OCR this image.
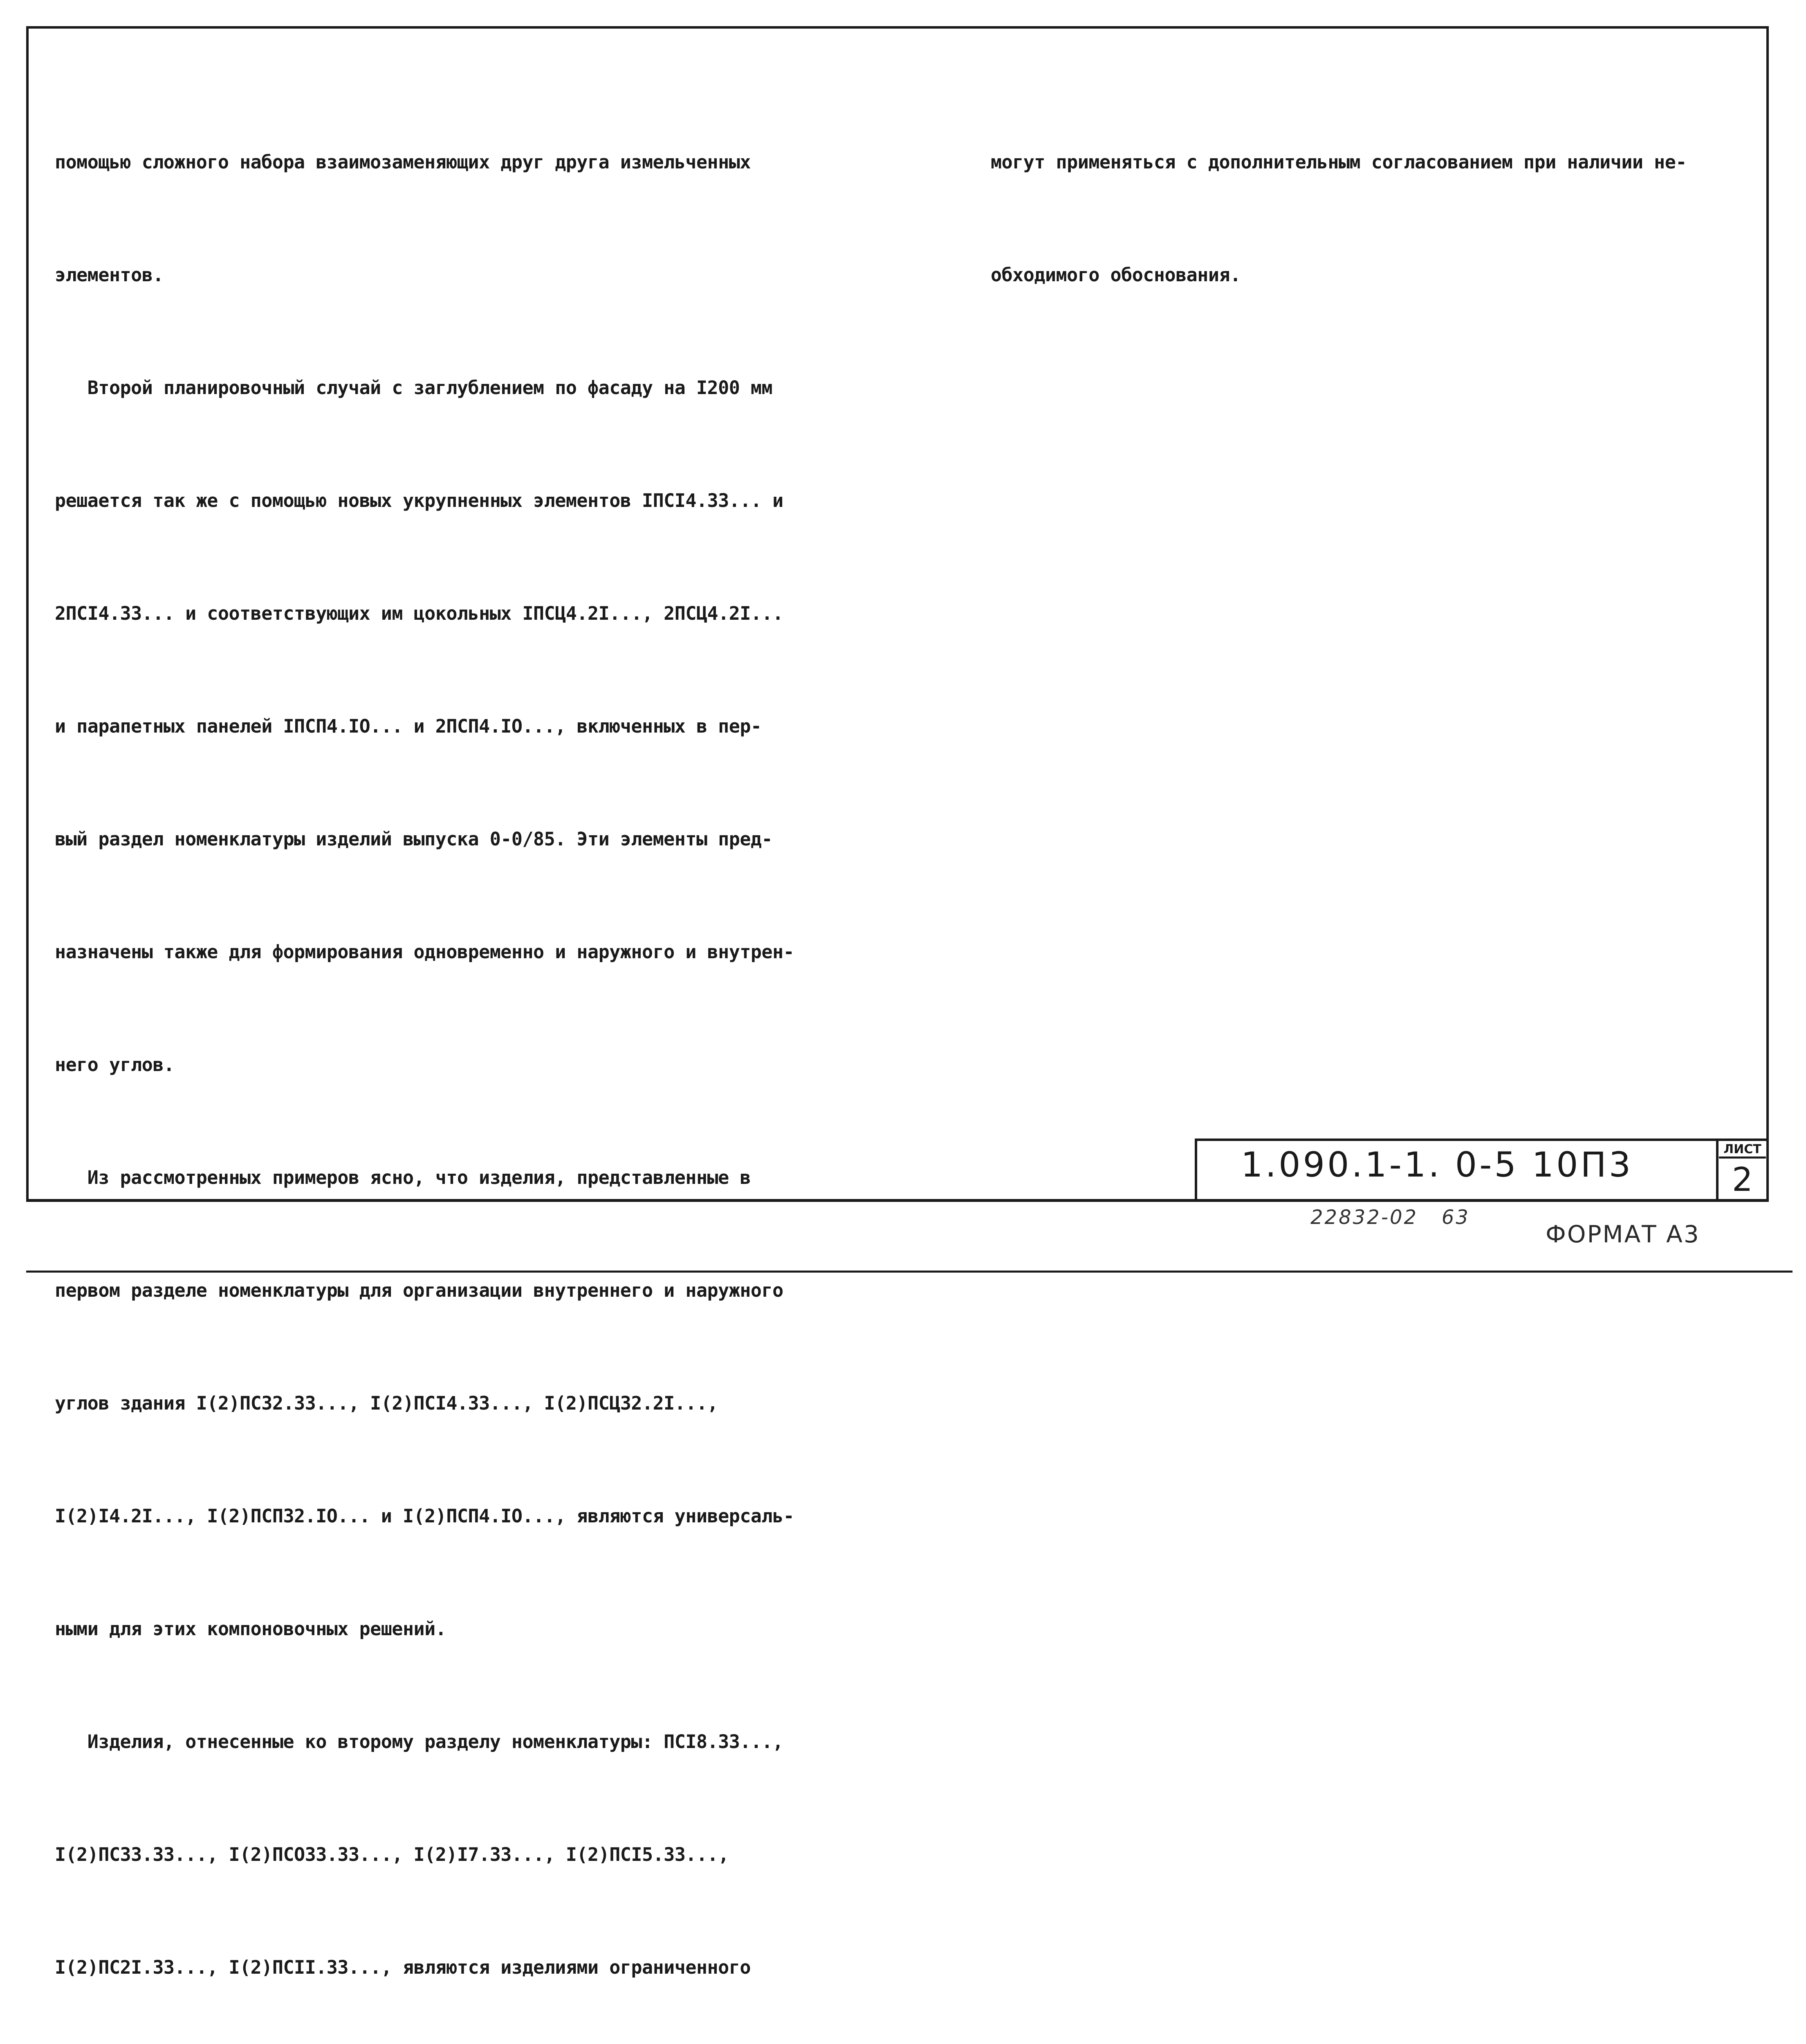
помощью сложного набора взаимозаменяющих друг друга измельченных

элементов.

Второй планировочный случай с заглублением по фасаду на I200 мм

решается так же с помощью новых укрупненных элементов IПСI4.33... и

2ПСI4.33... и соответствующих им цокольных IПСЦ4.2I..., 2ПСЦ4.2I...

и парапетных панелей IПСП4.IO... и 2ПСП4.IO..., включенных в пер-

вый раздел номенклатуры изделий выпуска 0-0/85. Эти элементы пред-

назначены также для формирования одновременно и наружного и внутрен-

него углов.

Из рассмотренных примеров ясно, что изделия, представленные в

первом разделе номенклатуры для организации внутреннего и наружного

углов здания I(2)ПС32.33..., I(2)ПСI4.33..., I(2)ПСЦ32.2I...,

I(2)I4.2I..., I(2)ПСП32.IO... и I(2)ПСП4.IO..., являются универсаль-

ными для этих компоновочных решений.

Изделия, отнесенные ко второму разделу номенклатуры: ПСI8.33...,

I(2)ПС33.33..., I(2)ПСО33.33..., I(2)I7.33..., I(2)ПСI5.33...,

I(2)ПС2I.33..., I(2)ПСII.33..., являются изделиями ограниченного

могут применяться с дополнительным согласованием при наличии не-

обходимого обоснования.

1.090.1-1. 0-5 10П3	ЛИСТ
2
22832-02   63
ФОРМАТ А3
